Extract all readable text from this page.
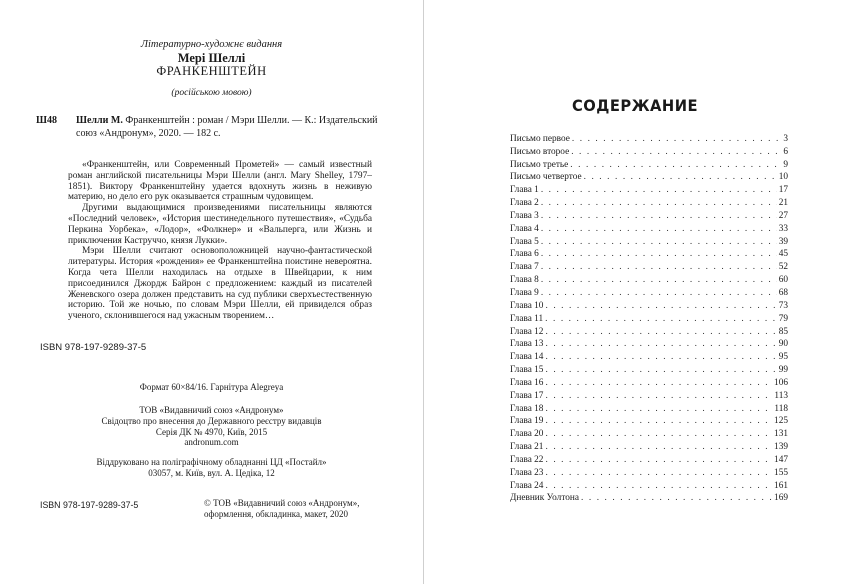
Літературно-художнє видання
Мері Шеллі
ФРАНКЕНШТЕЙН
(російською мовою)
Ш48 Шелли М. Франкенштейн : роман / Мэри Шелли. — К.: Издательский союз «Андронум», 2020. — 182 с.

«Франкенштейн, или Современный Прометей» — самый известный роман английской писательницы Мэри Шелли (англ. Mary Shelley, 1797–1851). Виктору Франкенштейну удается вдохнуть жизнь в неживую материю, но дело его рук оказывается страшным чудовищем.

Другими выдающимися произведениями писательницы являются «Последний человек», «История шестинедельного путешествия», «Судьба Перкина Уорбека», «Лодор», «Фолкнер» и «Вальперга, или Жизнь и приключения Каструччо, князя Лукки».

Мэри Шелли считают основоположницей научно-фантастической литературы. История «рождения» ее Франкенштейна поистине невероятна. Когда чета Шелли находилась на отдыхе в Швейцарии, к ним присоединился Джордж Байрон с предложением: каждый из писателей Женевского озера должен представить на суд публики сверхъестественную историю. Той же ночью, по словам Мэри Шелли, ей привиделся образ ученого, склонившегося над ужасным творением…

ISBN 978-197-9289-37-5
Формат 60×84/16. Гарнітура Alegreya
ТОВ «Видавничий союз «Андронум»
Свідоцтво про внесення до Державного реєстру видавців
Серія ДК № 4970, Київ, 2015
andronum.com
Віддруковано на поліграфічному обладнанні ЦД «Постайл»
03057, м. Київ, вул. А. Цедіка, 12
ISBN 978-197-9289-37-5	© ТОВ «Видавничий союз «Андронум»,
оформлення, обкладинка, макет, 2020
СОДЕРЖАНИЕ
Письмо первое . . .	3
Письмо второе . . .	6
Письмо третье . . .	9
Письмо четвертое . . .	10
Глава 1 . . .	17
Глава 2 . . .	21
Глава 3 . . .	27
Глава 4 . . .	33
Глава 5 . . .	39
Глава 6 . . .	45
Глава 7 . . .	52
Глава 8 . . .	60
Глава 9 . . .	68
Глава 10 . . .	73
Глава 11 . . .	79
Глава 12 . . .	85
Глава 13 . . .	90
Глава 14 . . .	95
Глава 15 . . .	99
Глава 16 . . .	106
Глава 17 . . .	113
Глава 18 . . .	118
Глава 19 . . .	125
Глава 20 . . .	131
Глава 21 . . .	139
Глава 22 . . .	147
Глава 23 . . .	155
Глава 24 . . .	161
Дневник Уолтона . . .	169
